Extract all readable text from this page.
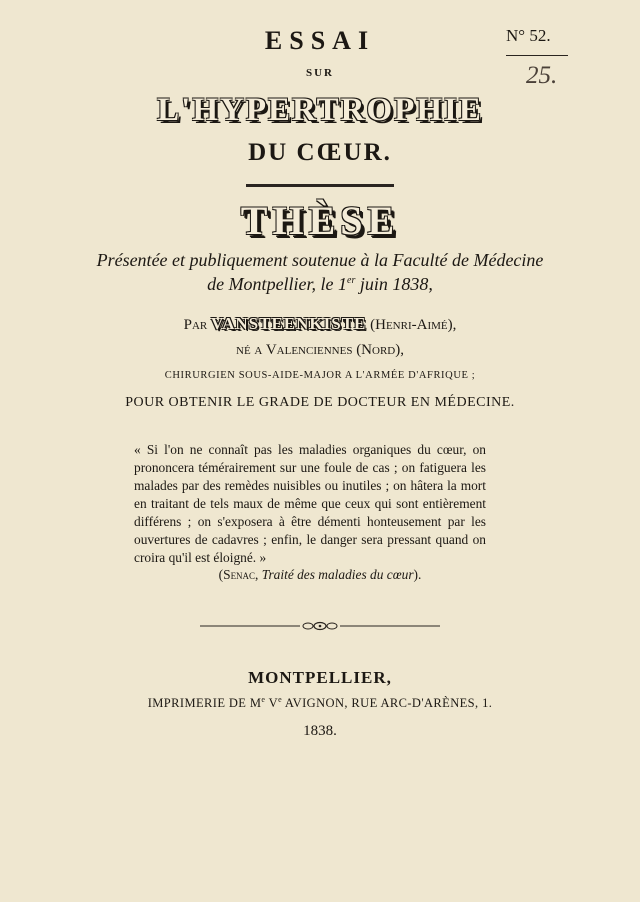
N° 52.
25.
ESSAI
SUR
L'HYPERTROPHIE
DU CŒUR.
THÈSE
Présentée et publiquement soutenue à la Faculté de Médecine
de Montpellier, le 1er juin 1838,
Par VANSTEENKISTE (Henri-Aimé),
né a Valenciennes (Nord),
CHIRURGIEN SOUS-AIDE-MAJOR A L'ARMÉE D'AFRIQUE ;
POUR OBTENIR LE GRADE DE DOCTEUR EN MÉDECINE.
« Si l'on ne connaît pas les maladies organiques du cœur, on prononcera témérairement sur une foule de cas ; on fatiguera les malades par des remèdes nuisibles ou inutiles ; on hâtera la mort en traitant de tels maux de même que ceux qui sont entièrement différens ; on s'exposera à être démenti honteusement par les ouvertures de cadavres ; enfin, le danger sera pressant quand on croira qu'il est éloigné. »
(Senac, Traité des maladies du cœur).
MONTPELLIER,
IMPRIMERIE DE Me Ve AVIGNON, RUE ARC-D'ARÈNES, 1.
1838.
